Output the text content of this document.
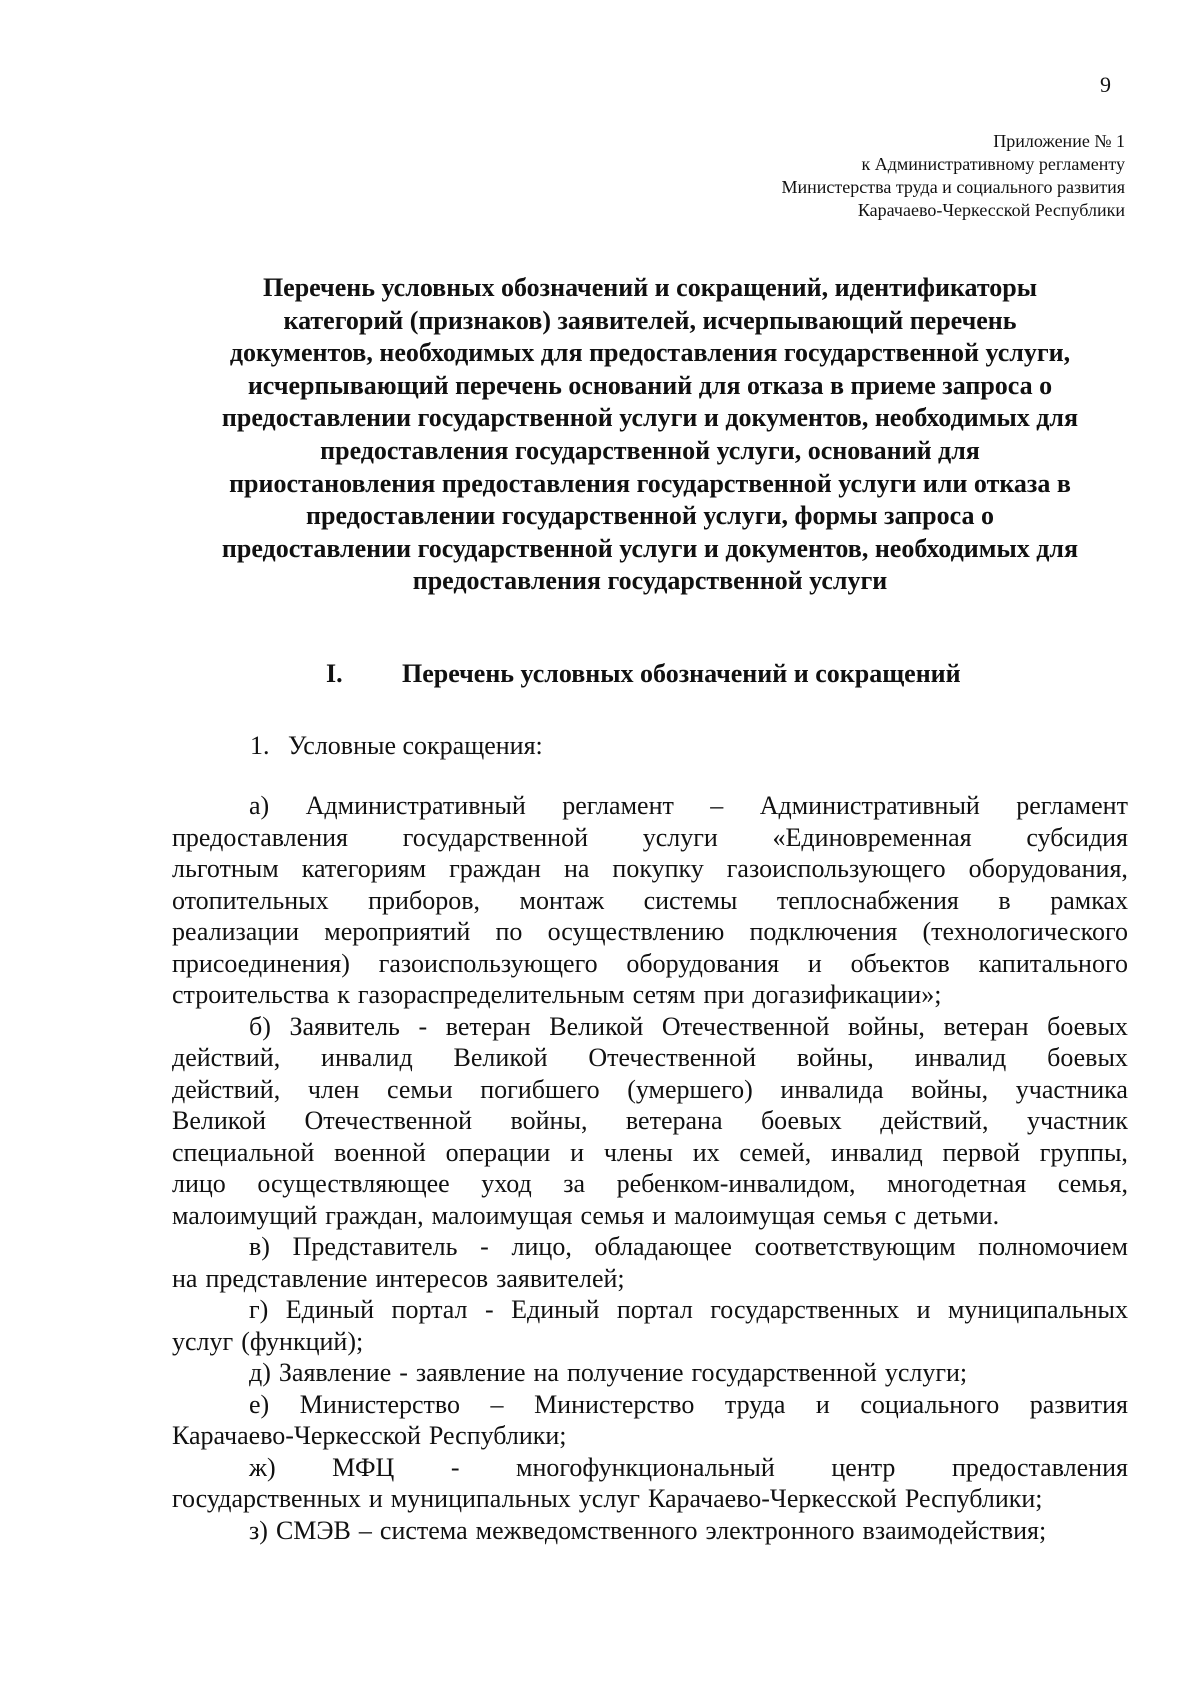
9
Приложение № 1
к Административному регламенту
Министерства труда и социального развития
Карачаево-Черкесской Республики
Перечень условных обозначений и сокращений, идентификаторы
категорий (признаков) заявителей, исчерпывающий перечень
документов, необходимых для предоставления государственной услуги,
исчерпывающий перечень оснований для отказа в приеме запроса о
предоставлении государственной услуги и документов, необходимых для
предоставления государственной услуги, оснований для
приостановления предоставления государственной услуги или отказа в
предоставлении государственной услуги, формы запроса о
предоставлении государственной услуги и документов, необходимых для
предоставления государственной услуги
I. Перечень условных обозначений и сокращений
1. Условные сокращения:
а) Административный регламент – Административный регламент
предоставления государственной услуги «Единовременная субсидия
льготным категориям граждан на покупку газоиспользующего оборудования,
отопительных приборов, монтаж системы теплоснабжения в рамках
реализации мероприятий по осуществлению подключения (технологического
присоединения) газоиспользующего оборудования и объектов капитального
строительства к газораспределительным сетям при догазификации»;
б) Заявитель - ветеран Великой Отечественной войны, ветеран боевых
действий, инвалид Великой Отечественной войны, инвалид боевых
действий, член семьи погибшего (умершего) инвалида войны, участника
Великой Отечественной войны, ветерана боевых действий, участник
специальной военной операции и члены их семей, инвалид первой группы,
лицо осуществляющее уход за ребенком-инвалидом, многодетная семья,
малоимущий граждан, малоимущая семья и малоимущая семья с детьми.
в) Представитель - лицо, обладающее соответствующим полномочием
на представление интересов заявителей;
г) Единый портал - Единый портал государственных и муниципальных
услуг (функций);
д) Заявление - заявление на получение государственной услуги;
е) Министерство – Министерство труда и социального развития
Карачаево-Черкесской Республики;
ж) МФЦ - многофункциональный центр предоставления
государственных и муниципальных услуг Карачаево-Черкесской Республики;
з) СМЭВ – система межведомственного электронного взаимодействия;
